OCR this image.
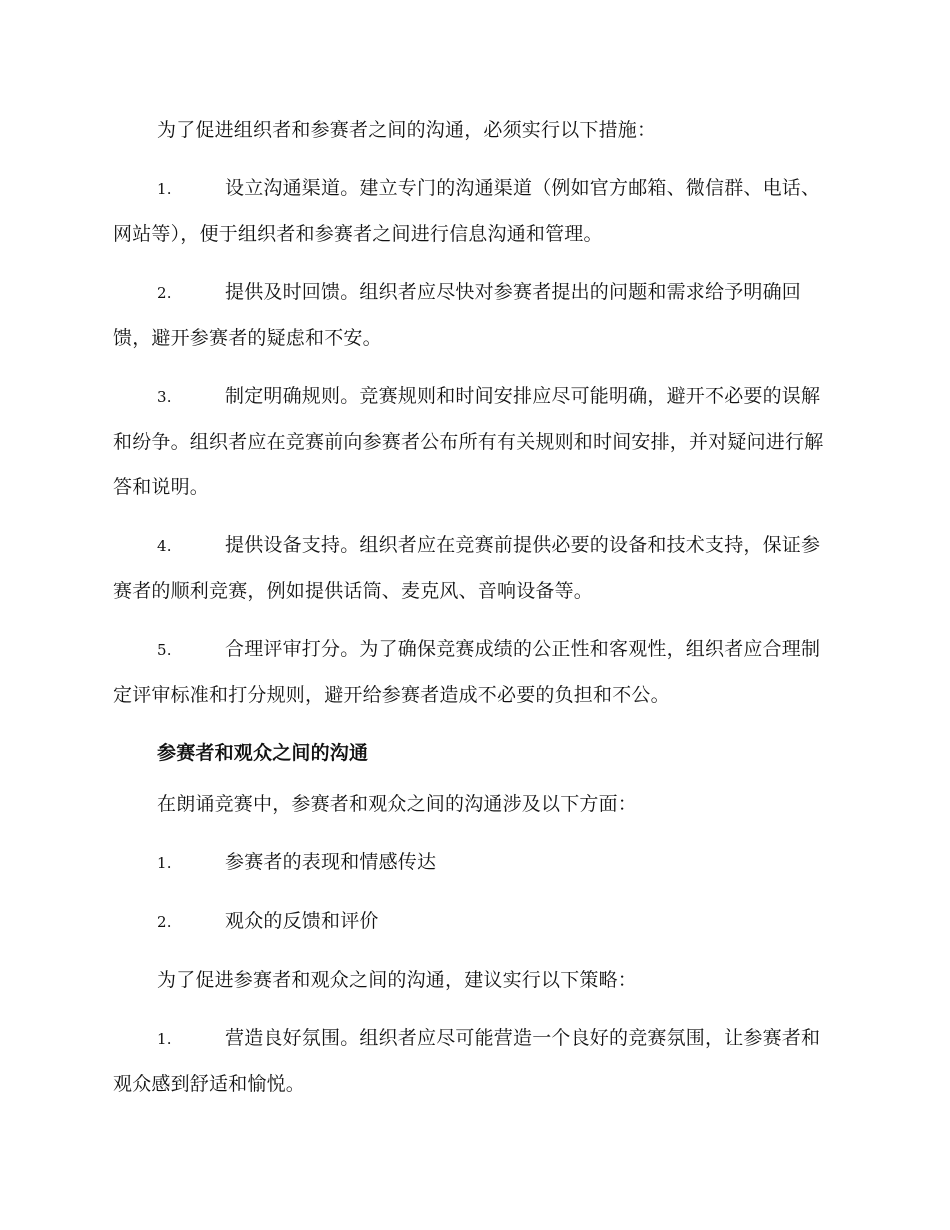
为了促进组织者和参赛者之间的沟通，必须实行以下措施：

1.	设立沟通渠道。建立专门的沟通渠道（例如官方邮箱、微信群、电话、网站等），便于组织者和参赛者之间进行信息沟通和管理。

2.	提供及时回馈。组织者应尽快对参赛者提出的问题和需求给予明确回馈，避开参赛者的疑虑和不安。

3.	制定明确规则。竞赛规则和时间安排应尽可能明确，避开不必要的误解和纷争。组织者应在竞赛前向参赛者公布所有有关规则和时间安排，并对疑问进行解答和说明。

4.	提供设备支持。组织者应在竞赛前提供必要的设备和技术支持，保证参赛者的顺利竞赛，例如提供话筒、麦克风、音响设备等。

5.	合理评审打分。为了确保竞赛成绩的公正性和客观性，组织者应合理制定评审标准和打分规则，避开给参赛者造成不必要的负担和不公。

参赛者和观众之间的沟通

在朗诵竞赛中，参赛者和观众之间的沟通涉及以下方面：

1.	参赛者的表现和情感传达

2.	观众的反馈和评价

为了促进参赛者和观众之间的沟通，建议实行以下策略：

1.	营造良好氛围。组织者应尽可能营造一个良好的竞赛氛围，让参赛者和观众感到舒适和愉悦。
